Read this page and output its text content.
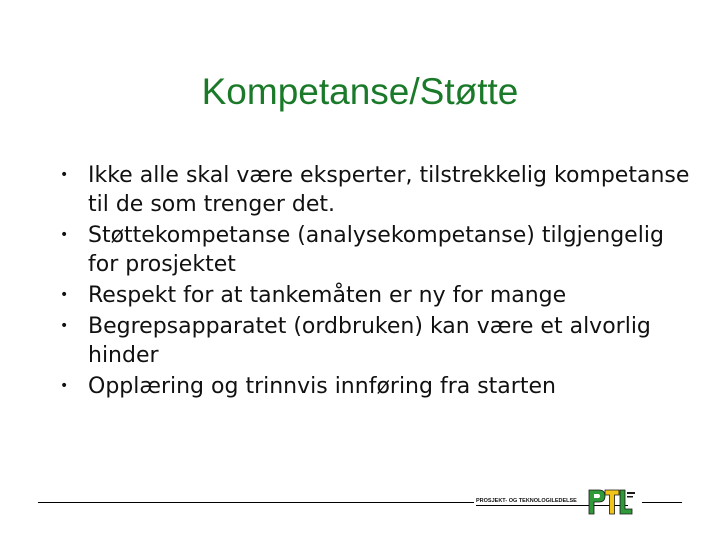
Kompetanse/Støtte
• Ikke alle skal være eksperter, tilstrekkelig kompetanse til de som trenger det.
• Støttekompetanse (analysekompetanse) tilgjengelig for prosjektet
• Respekt for at tankemåten er ny for mange
• Begrepsapparatet (ordbruken) kan være et alvorlig hinder
• Opplæring og trinnvis innføring fra starten
PROSJEKT- OG TEKNOLOGILEDELSE
